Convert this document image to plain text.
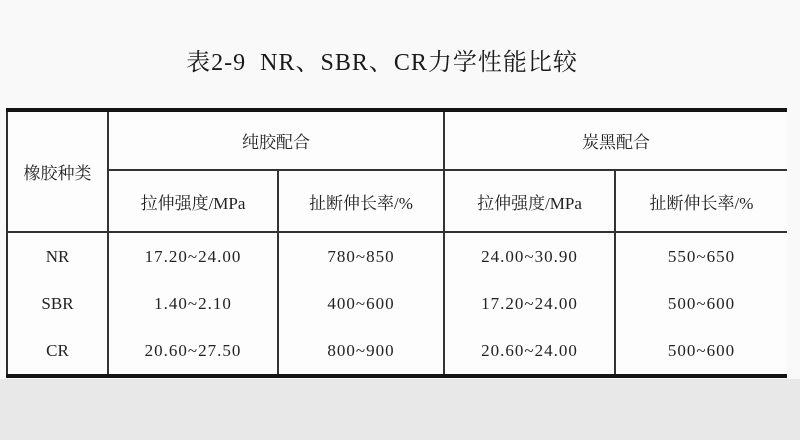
表2-9  NR、SBR、CR力学性能比较
橡胶种类	纯胶配合		炭黑配合	
	拉伸强度/MPa	扯断伸长率/%	拉伸强度/MPa	扯断伸长率/%
NR	17.20~24.00	780~850	24.00~30.90	550~650
SBR	1.40~2.10	400~600	17.20~24.00	500~600
CR	20.60~27.50	800~900	20.60~24.00	500~600
